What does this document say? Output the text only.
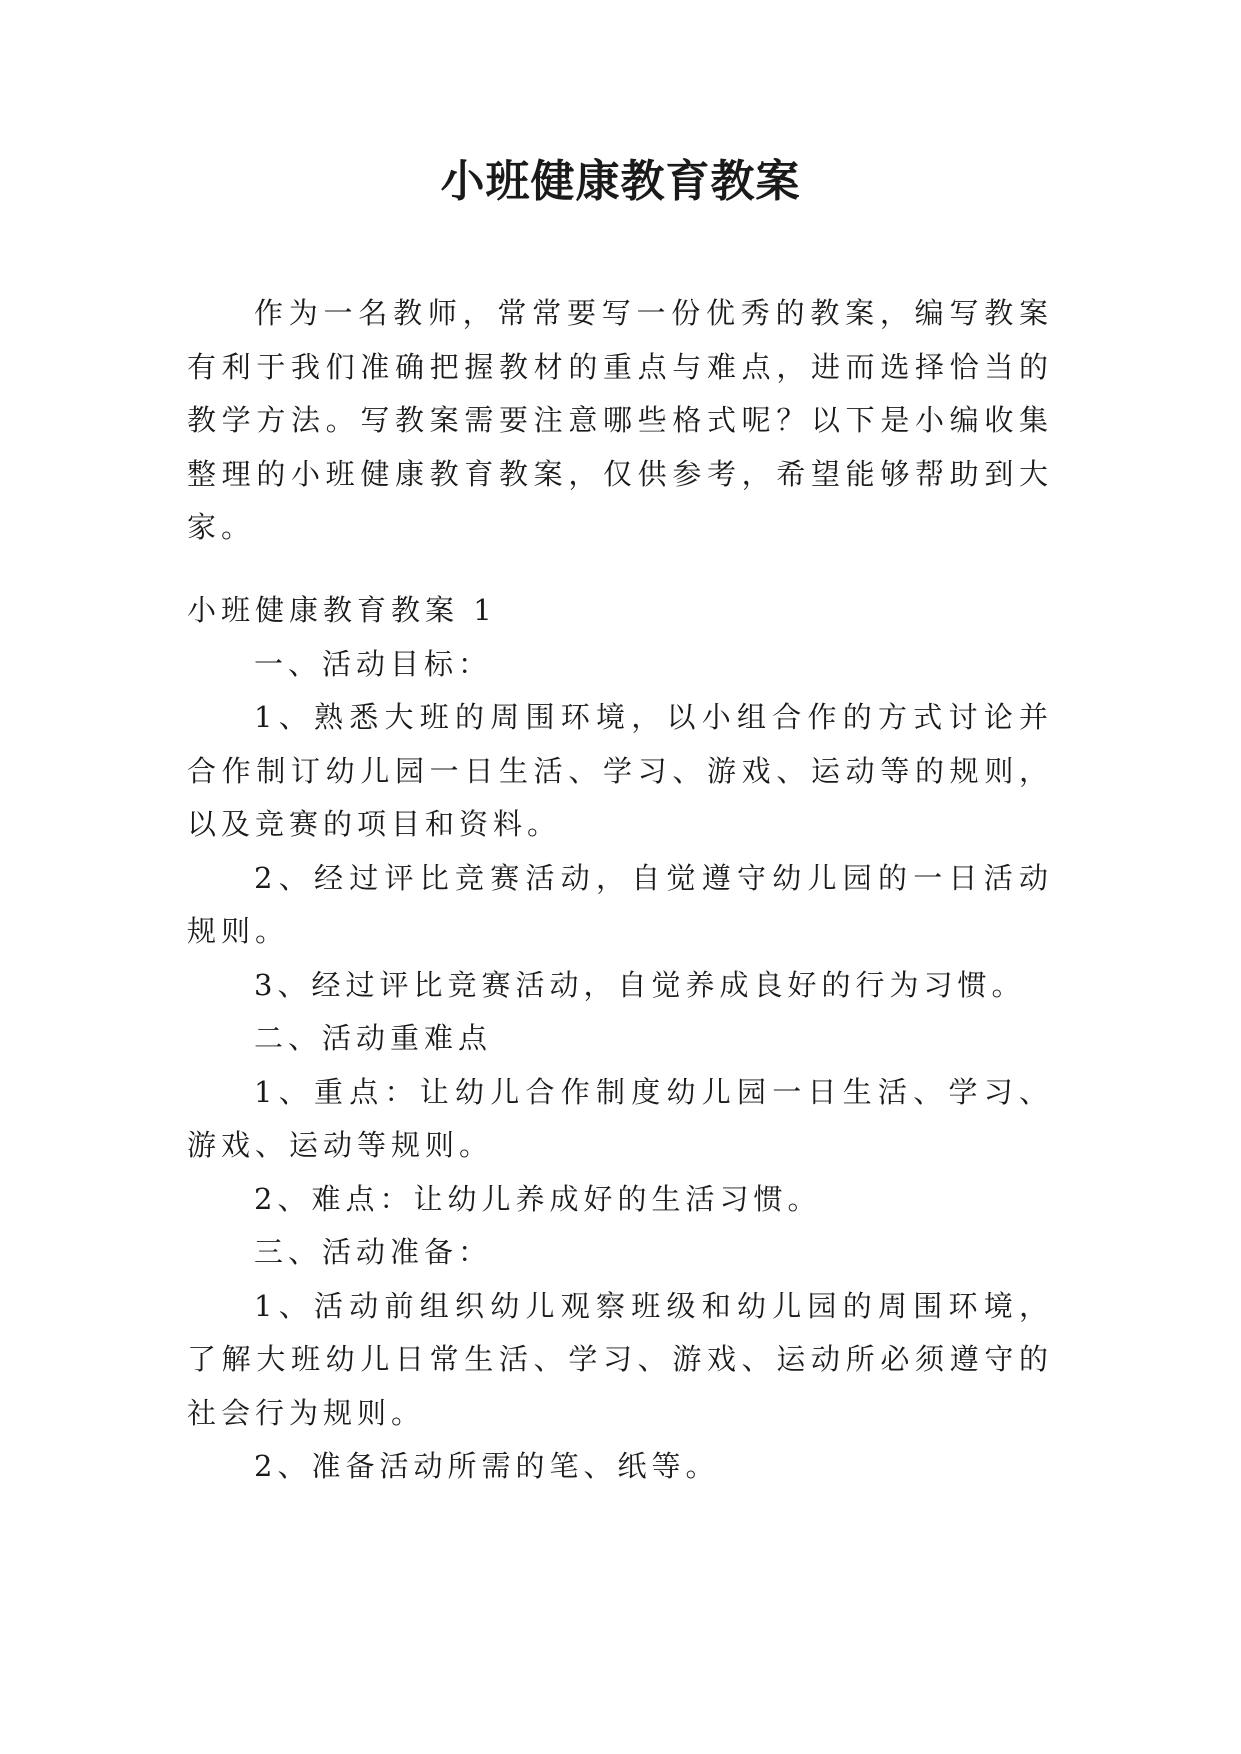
小班健康教育教案

作为一名教师，常常要写一份优秀的教案，编写教案有利于我们准确把握教材的重点与难点，进而选择恰当的教学方法。写教案需要注意哪些格式呢？以下是小编收集整理的小班健康教育教案，仅供参考，希望能够帮助到大家。

小班健康教育教案 1

一、活动目标：

1、熟悉大班的周围环境，以小组合作的方式讨论并合作制订幼儿园一日生活、学习、游戏、运动等的规则，以及竞赛的项目和资料。

2、经过评比竞赛活动，自觉遵守幼儿园的一日活动规则。

3、经过评比竞赛活动，自觉养成良好的行为习惯。

二、活动重难点

1、重点：让幼儿合作制度幼儿园一日生活、学习、游戏、运动等规则。

2、难点：让幼儿养成好的生活习惯。

三、活动准备：

1、活动前组织幼儿观察班级和幼儿园的周围环境，了解大班幼儿日常生活、学习、游戏、运动所必须遵守的社会行为规则。

2、准备活动所需的笔、纸等。
